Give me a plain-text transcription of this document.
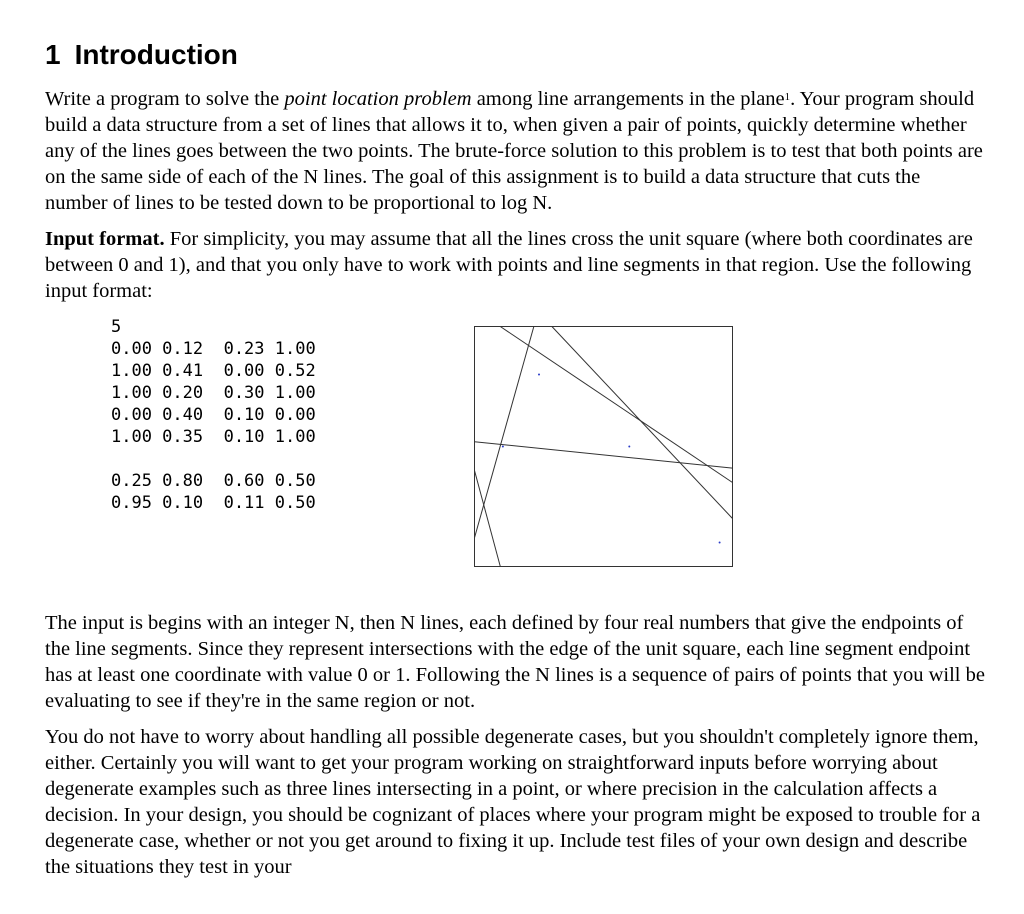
1 Introduction

Write a program to solve the point location problem among line arrangements in the plane$^1$. Your program should build a data structure from a set of lines that allows it to, when given a pair of points, quickly determine whether any of the lines goes between the two points. The brute-force solution to this problem is to test that both points are on the same side of each of the N lines. The goal of this assignment is to build a data structure that cuts the number of lines to be tested down to be proportional to log N.

Input format. For simplicity, you may assume that all the lines cross the unit square (where both coordinates are between 0 and 1), and that you only have to work with points and line segments in that region. Use the following input format:

5
0.00 0.12  0.23 1.00
1.00 0.41  0.00 0.52
1.00 0.20  0.30 1.00
0.00 0.40  0.10 0.00
1.00 0.35  0.10 1.00

0.25 0.80  0.60 0.50
0.95 0.10  0.11 0.50

The input is begins with an integer N, then N lines, each defined by four real numbers that give the endpoints of the line segments. Since they represent intersections with the edge of the unit square, each line segment endpoint has at least one coordinate with value 0 or 1. Following the N lines is a sequence of pairs of points that you will be evaluating to see if they're in the same region or not.

You do not have to worry about handling all possible degenerate cases, but you shouldn't completely ignore them, either. Certainly you will want to get your program working on straightforward inputs before worrying about degenerate examples such as three lines intersecting in a point, or where precision in the calculation affects a decision. In your design, you should be cognizant of places where your program might be exposed to trouble for a degenerate case, whether or not you get around to fixing it up. Include test files of your own design and describe the situations they test in your
